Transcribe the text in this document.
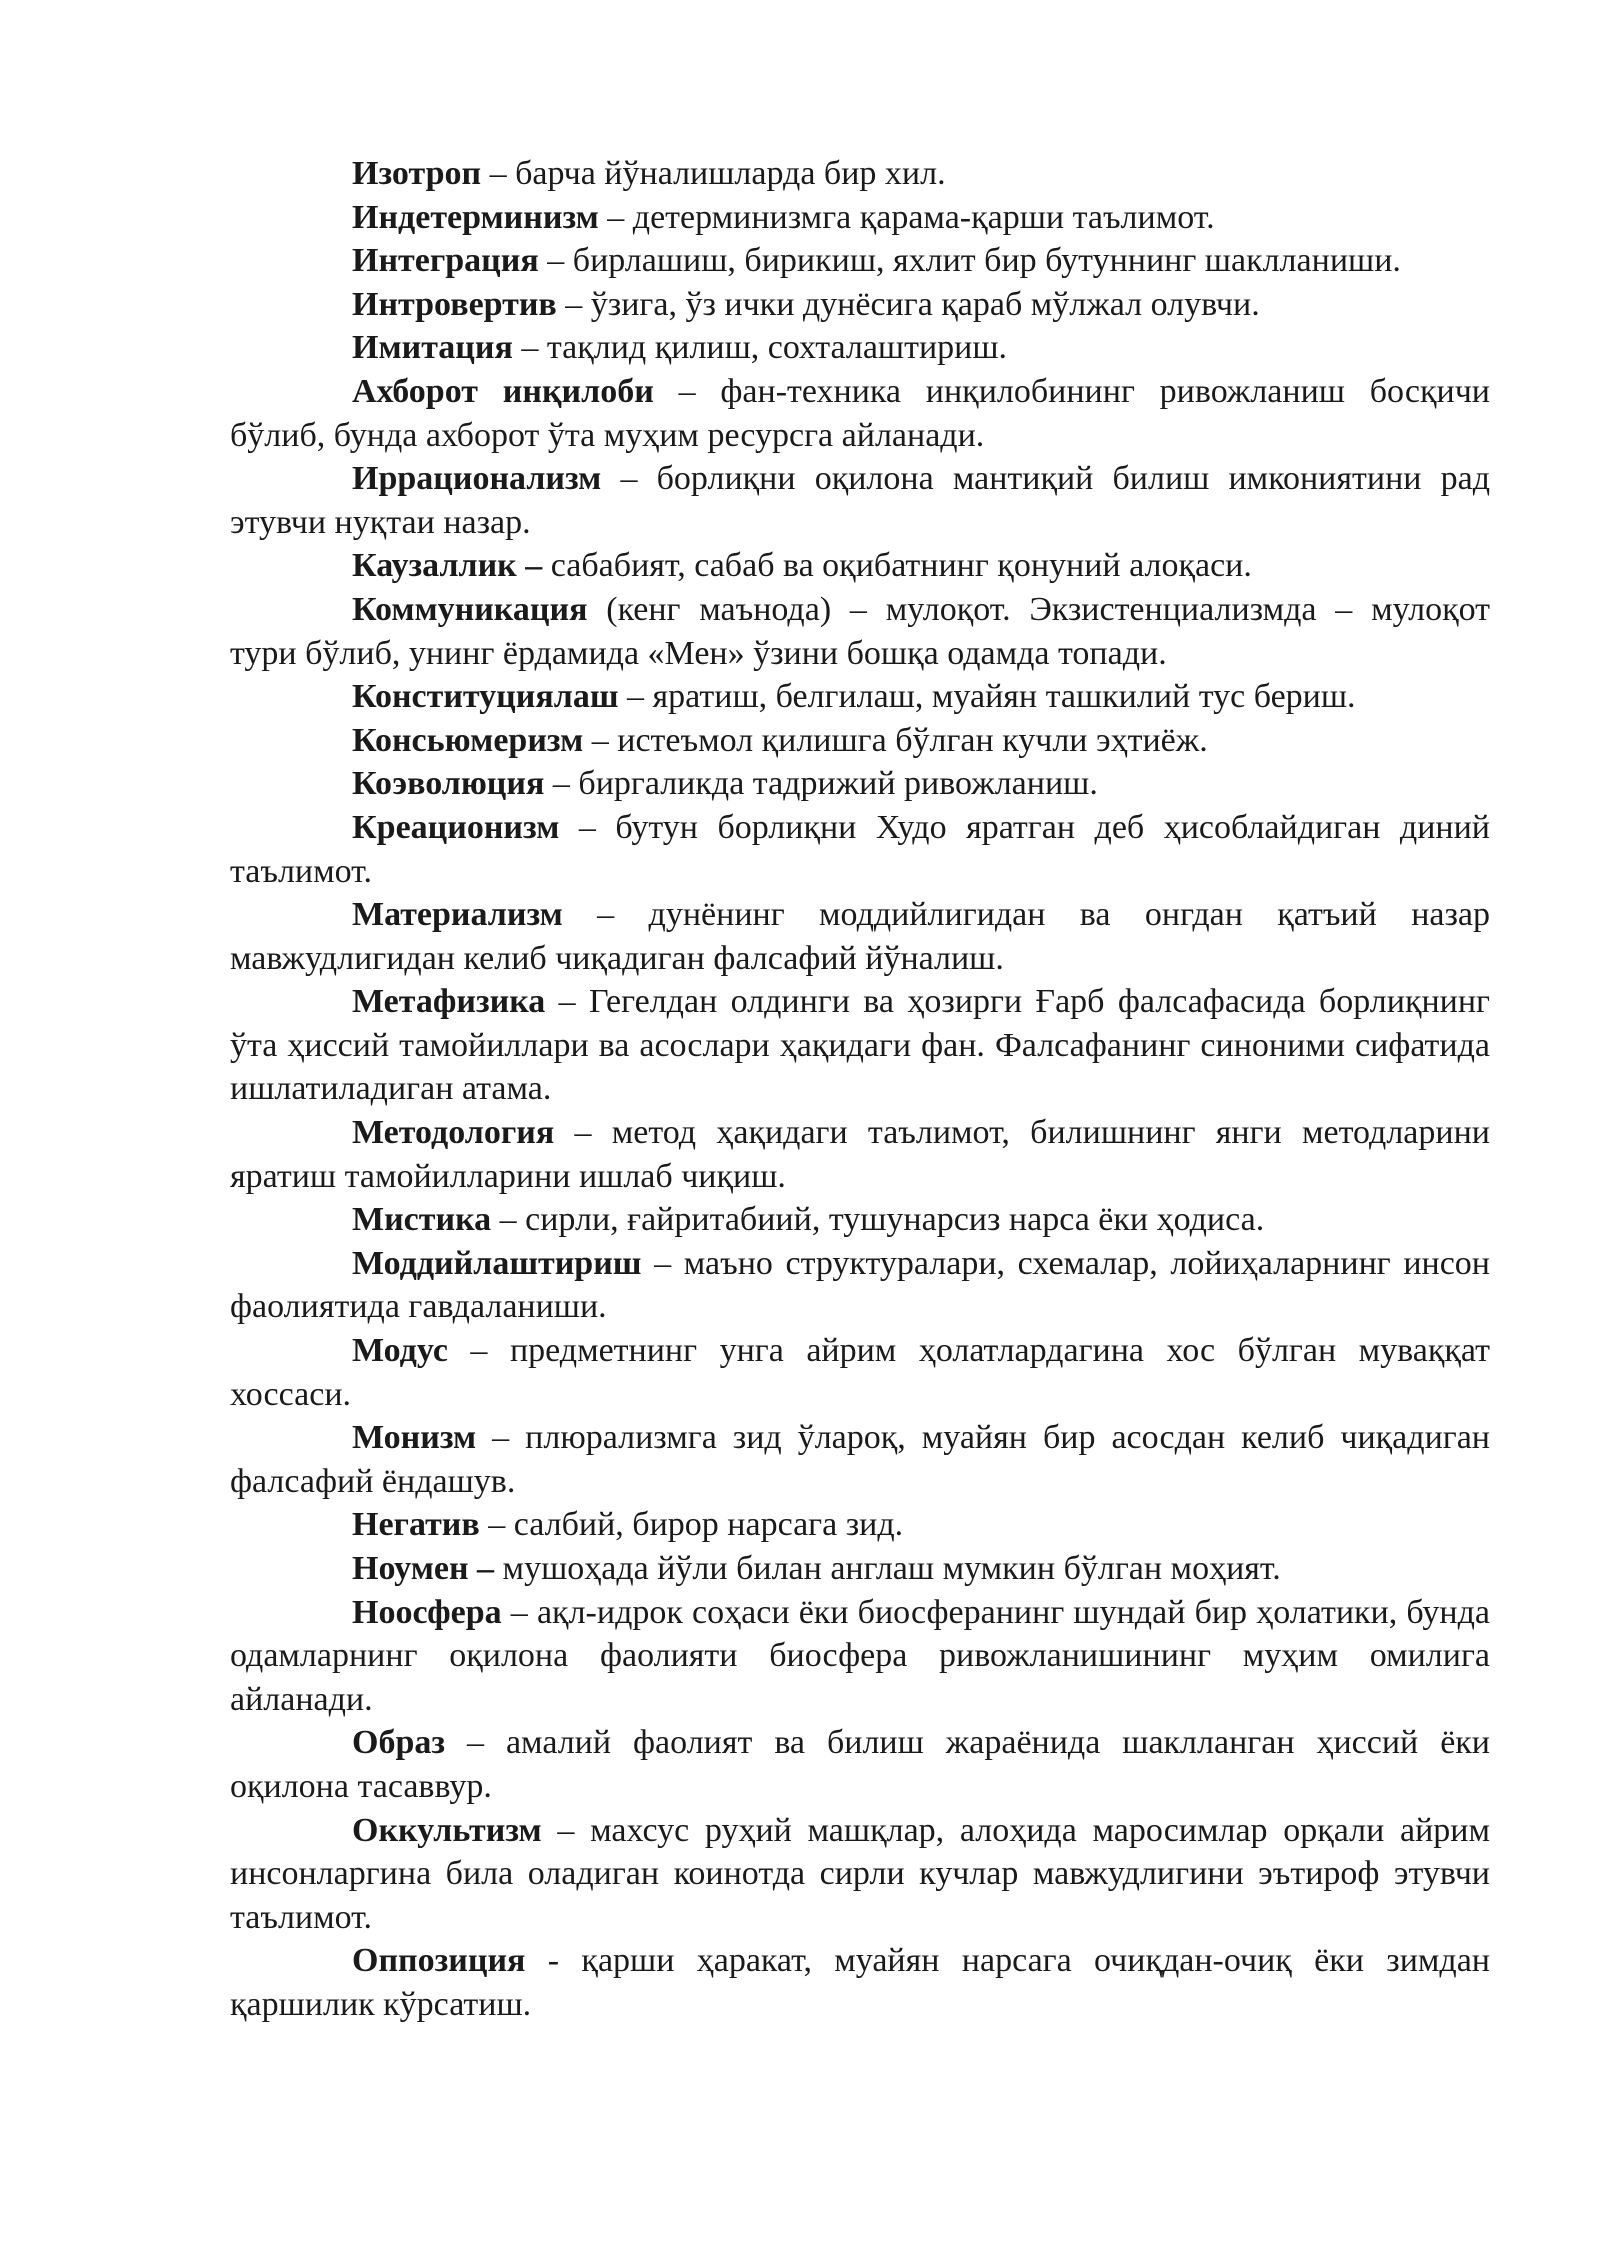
Изотроп – барча йўналишларда бир хил.

Индетерминизм – детерминизмга қарама-қарши таълимот.

Интеграция – бирлашиш, бирикиш, яхлит бир бутуннинг шаклланиши.

Интровертив – ўзига, ўз ички дунёсига қараб мўлжал олувчи.

Имитация – тақлид қилиш, сохталаштириш.

Ахборот инқилоби – фан-техника инқилобининг ривожланиш босқичи бўлиб, бунда ахборот ўта муҳим ресурсга айланади.

Иррационализм – борлиқни оқилона мантиқий билиш имкониятини рад этувчи нуқтаи назар.

Каузаллик – сабабият, сабаб ва оқибатнинг қонуний алоқаси.

Коммуникация (кенг маънода) – мулоқот. Экзистенциализмда – мулоқот тури бўлиб, унинг ёрдамида «Мен» ўзини бошқа одамда топади.

Конституциялаш – яратиш, белгилаш, муайян ташкилий тус бериш.

Консьюмеризм – истеъмол қилишга бўлган кучли эҳтиёж.

Коэволюция – биргаликда тадрижий ривожланиш.

Креационизм – бутун борлиқни Худо яратган деб ҳисоблайдиган диний таълимот.

Материализм – дунёнинг моддийлигидан ва онгдан қатъий назар мавжудлигидан келиб чиқадиган фалсафий йўналиш.

Метафизика – Гегелдан олдинги ва ҳозирги Ғарб фалсафасида борлиқнинг ўта ҳиссий тамойиллари ва асослари ҳақидаги фан. Фалсафанинг синоними сифатида ишлатиладиган атама.

Методология – метод ҳақидаги таълимот, билишнинг янги методларини яратиш тамойилларини ишлаб чиқиш.

Мистика – сирли, ғайритабиий, тушунарсиз нарса ёки ҳодиса.

Моддийлаштириш – маъно структуралари, схемалар, лойиҳаларнинг инсон фаолиятида гавдаланиши.

Модус – предметнинг унга айрим ҳолатлардагина хос бўлган муваққат хоссаси.

Монизм – плюрализмга зид ўлароқ, муайян бир асосдан келиб чиқадиган фалсафий ёндашув.

Негатив – салбий, бирор нарсага зид.

Ноумен – мушоҳада йўли билан англаш мумкин бўлган моҳият.

Ноосфера – ақл-идрок соҳаси ёки биосферанинг шундай бир ҳолатики, бунда одамларнинг оқилона фаолияти биосфера ривожланишининг муҳим омилига айланади.

Образ – амалий фаолият ва билиш жараёнида шаклланган ҳиссий ёки оқилона тасаввур.

Оккультизм – махсус руҳий машқлар, алоҳида маросимлар орқали айрим инсонларгина била оладиган коинотда сирли кучлар мавжудлигини эътироф этувчи таълимот.

Оппозиция - қарши ҳаракат, муайян нарсага очиқдан-очиқ ёки зимдан қаршилик кўрсатиш.
